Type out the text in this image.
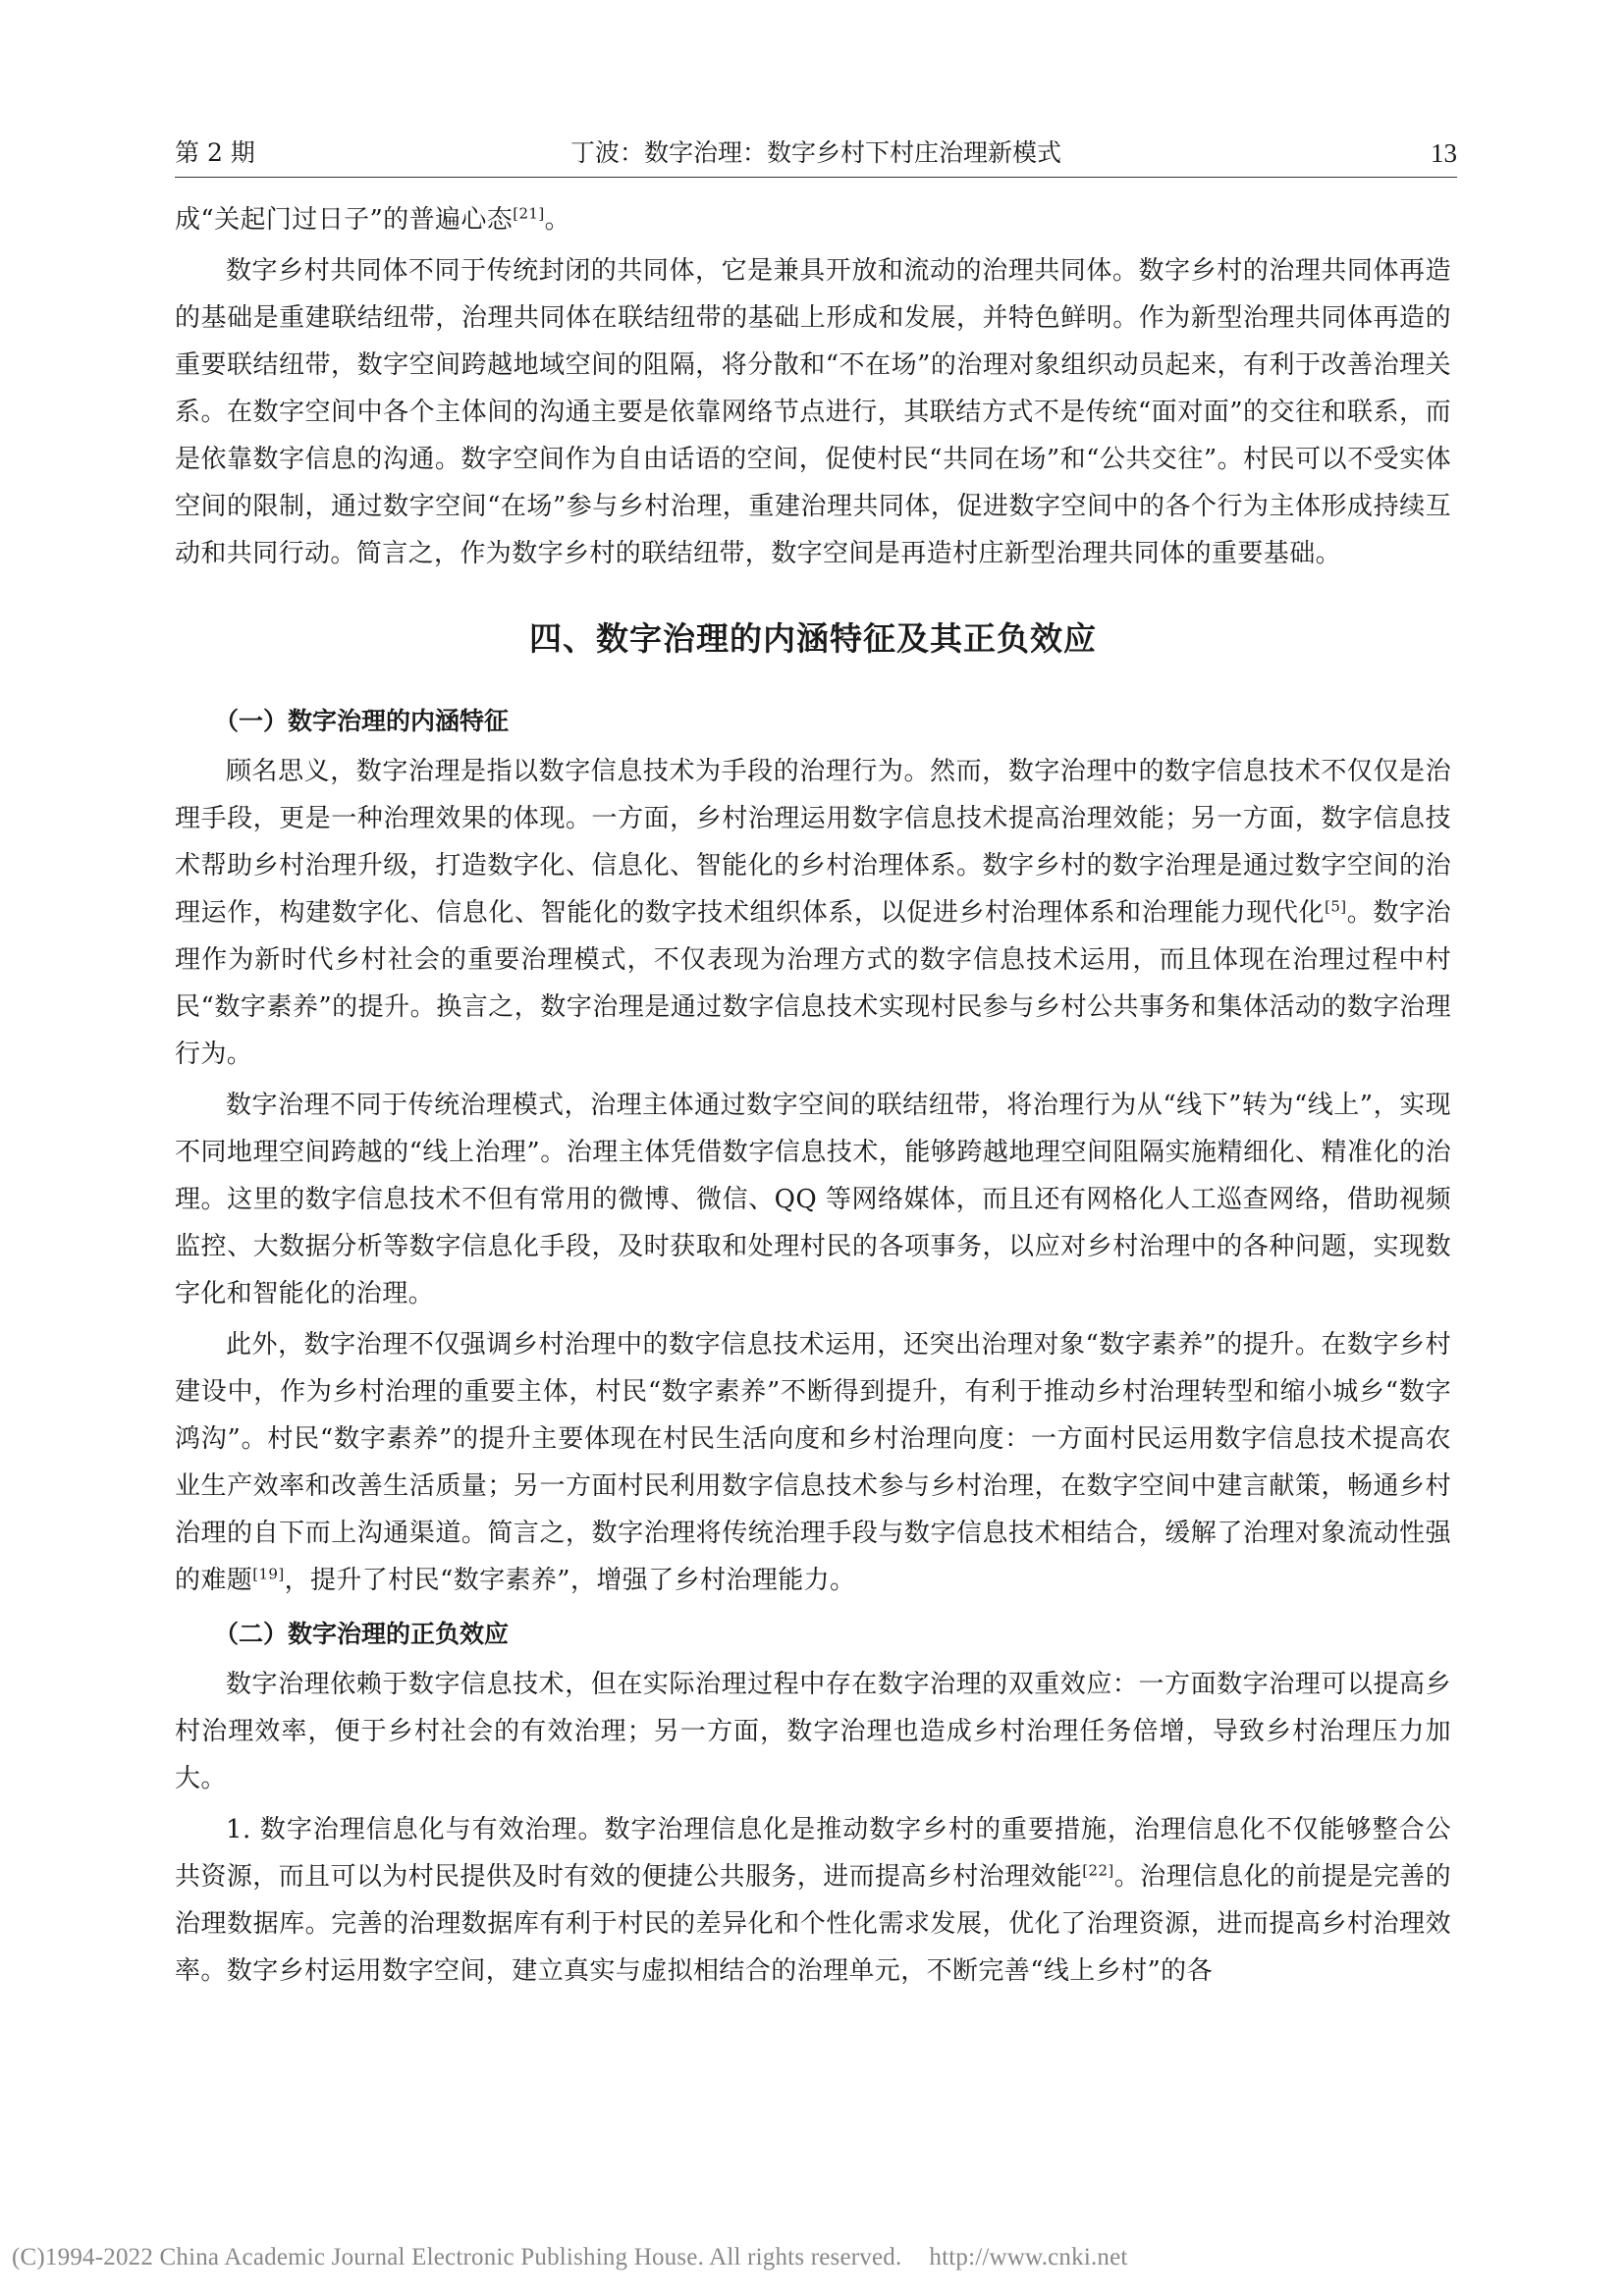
第 2 期	丁波：数字治理：数字乡村下村庄治理新模式	13

成“关起门过日子”的普遍心态[21]。

数字乡村共同体不同于传统封闭的共同体，它是兼具开放和流动的治理共同体。数字乡村的治理共同体再造的基础是重建联结纽带，治理共同体在联结纽带的基础上形成和发展，并特色鲜明。作为新型治理共同体再造的重要联结纽带，数字空间跨越地域空间的阻隔，将分散和“不在场”的治理对象组织动员起来，有利于改善治理关系。在数字空间中各个主体间的沟通主要是依靠网络节点进行，其联结方式不是传统“面对面”的交往和联系，而是依靠数字信息的沟通。数字空间作为自由话语的空间，促使村民“共同在场”和“公共交往”。村民可以不受实体空间的限制，通过数字空间“在场”参与乡村治理，重建治理共同体，促进数字空间中的各个行为主体形成持续互动和共同行动。简言之，作为数字乡村的联结纽带，数字空间是再造村庄新型治理共同体的重要基础。

四、数字治理的内涵特征及其正负效应
（一）数字治理的内涵特征

顾名思义，数字治理是指以数字信息技术为手段的治理行为。然而，数字治理中的数字信息技术不仅仅是治理手段，更是一种治理效果的体现。一方面，乡村治理运用数字信息技术提高治理效能；另一方面，数字信息技术帮助乡村治理升级，打造数字化、信息化、智能化的乡村治理体系。数字乡村的数字治理是通过数字空间的治理运作，构建数字化、信息化、智能化的数字技术组织体系，以促进乡村治理体系和治理能力现代化[5]。数字治理作为新时代乡村社会的重要治理模式，不仅表现为治理方式的数字信息技术运用，而且体现在治理过程中村民“数字素养”的提升。换言之，数字治理是通过数字信息技术实现村民参与乡村公共事务和集体活动的数字治理行为。

数字治理不同于传统治理模式，治理主体通过数字空间的联结纽带，将治理行为从“线下”转为“线上”，实现不同地理空间跨越的“线上治理”。治理主体凭借数字信息技术，能够跨越地理空间阻隔实施精细化、精准化的治理。这里的数字信息技术不但有常用的微博、微信、QQ 等网络媒体，而且还有网格化人工巡查网络，借助视频监控、大数据分析等数字信息化手段，及时获取和处理村民的各项事务，以应对乡村治理中的各种问题，实现数字化和智能化的治理。

此外，数字治理不仅强调乡村治理中的数字信息技术运用，还突出治理对象“数字素养”的提升。在数字乡村建设中，作为乡村治理的重要主体，村民“数字素养”不断得到提升，有利于推动乡村治理转型和缩小城乡“数字鸿沟”。村民“数字素养”的提升主要体现在村民生活向度和乡村治理向度：一方面村民运用数字信息技术提高农业生产效率和改善生活质量；另一方面村民利用数字信息技术参与乡村治理，在数字空间中建言献策，畅通乡村治理的自下而上沟通渠道。简言之，数字治理将传统治理手段与数字信息技术相结合，缓解了治理对象流动性强的难题[19]，提升了村民“数字素养”，增强了乡村治理能力。

（二）数字治理的正负效应

数字治理依赖于数字信息技术，但在实际治理过程中存在数字治理的双重效应：一方面数字治理可以提高乡村治理效率，便于乡村社会的有效治理；另一方面，数字治理也造成乡村治理任务倍增，导致乡村治理压力加大。

1. 数字治理信息化与有效治理。数字治理信息化是推动数字乡村的重要措施，治理信息化不仅能够整合公共资源，而且可以为村民提供及时有效的便捷公共服务，进而提高乡村治理效能[22]。治理信息化的前提是完善的治理数据库。完善的治理数据库有利于村民的差异化和个性化需求发展，优化了治理资源，进而提高乡村治理效率。数字乡村运用数字空间，建立真实与虚拟相结合的治理单元，不断完善“线上乡村”的各

(C)1994-2022 China Academic Journal Electronic Publishing House. All rights reserved. http://www.cnki.net
